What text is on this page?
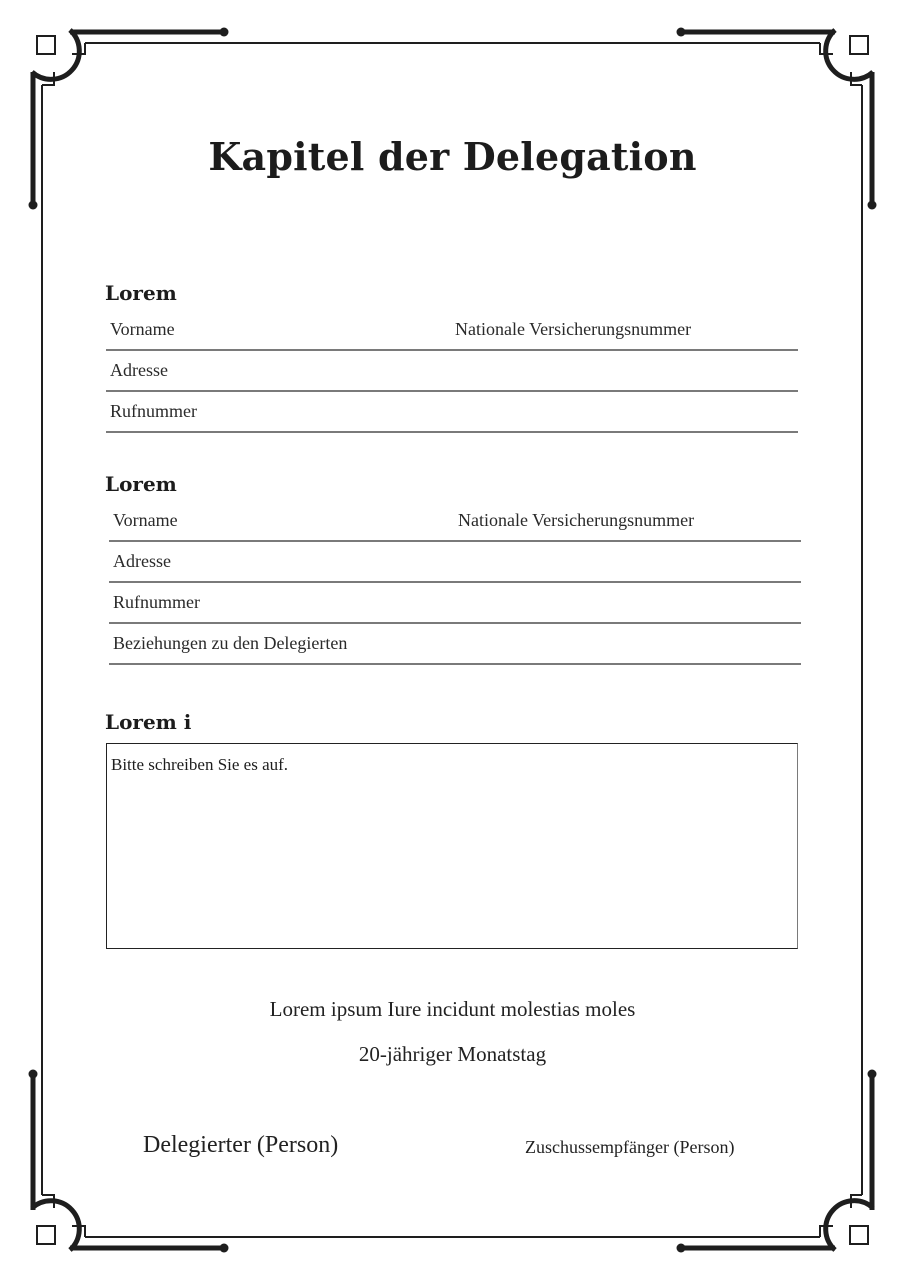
Kapitel der Delegation
Lorem
Vorname	Nationale Versicherungsnummer
Adresse
Rufnummer
Lorem
Vorname	Nationale Versicherungsnummer
Adresse
Rufnummer
Beziehungen zu den Delegierten
Lorem i
Bitte schreiben Sie es auf.
Lorem ipsum Iure incidunt molestias moles
20-jähriger Monatstag
Delegierter (Person)	Zuschussempfänger (Person)
